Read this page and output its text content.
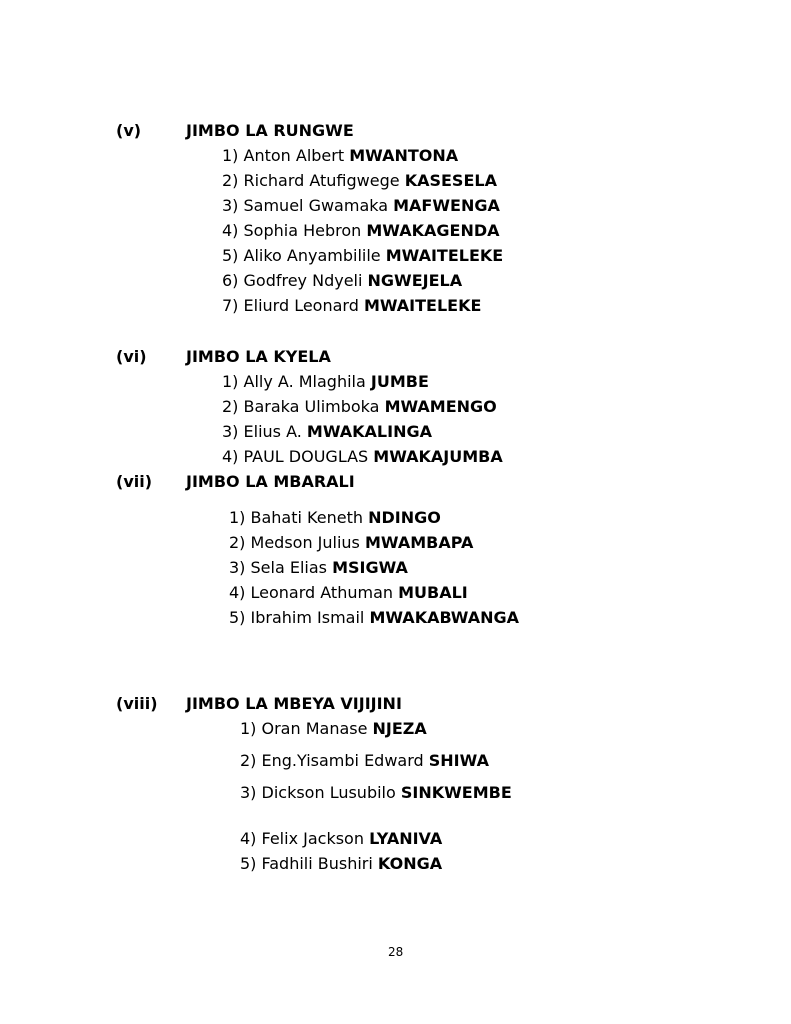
(v)	JIMBO LA RUNGWE
1) Anton Albert MWANTONA
2) Richard Atufigwege KASESELA
3) Samuel Gwamaka MAFWENGA
4) Sophia Hebron MWAKAGENDA
5) Aliko Anyambilile MWAITELEKE
6) Godfrey Ndyeli NGWEJELA
7) Eliurd Leonard MWAITELEKE
(vi) JIMBO LA KYELA
1) Ally A. Mlaghila JUMBE
2) Baraka Ulimboka MWAMENGO
3) Elius A. MWAKALINGA
4) PAUL DOUGLAS MWAKAJUMBA
(vii) JIMBO LA MBARALI
1) Bahati Keneth NDINGO
2) Medson Julius MWAMBAPA
3) Sela Elias MSIGWA
4) Leonard Athuman MUBALI
5) Ibrahim Ismail MWAKABWANGA
(viii) JIMBO LA MBEYA VIJIJINI
1) Oran Manase NJEZA
2) Eng.Yisambi Edward SHIWA
3) Dickson Lusubilo SINKWEMBE
4) Felix Jackson LYANIVA
5) Fadhili Bushiri KONGA
28
